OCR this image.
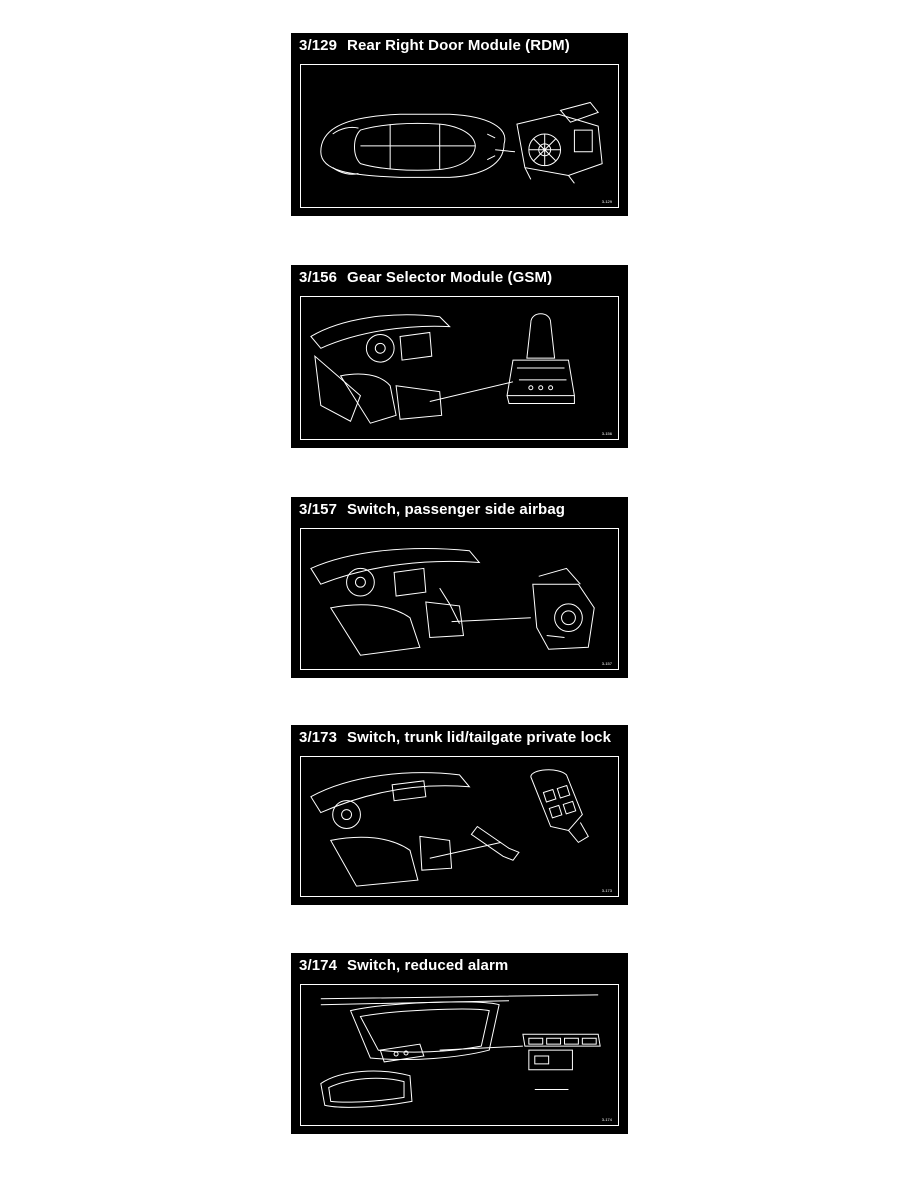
3/129 Rear Right Door Module (RDM)
3-129
3/156 Gear Selector Module (GSM)
3-156
3/157 Switch, passenger side airbag
3-157
3/173 Switch, trunk lid/tailgate private lock
3-173
3/174 Switch, reduced alarm
3-174
